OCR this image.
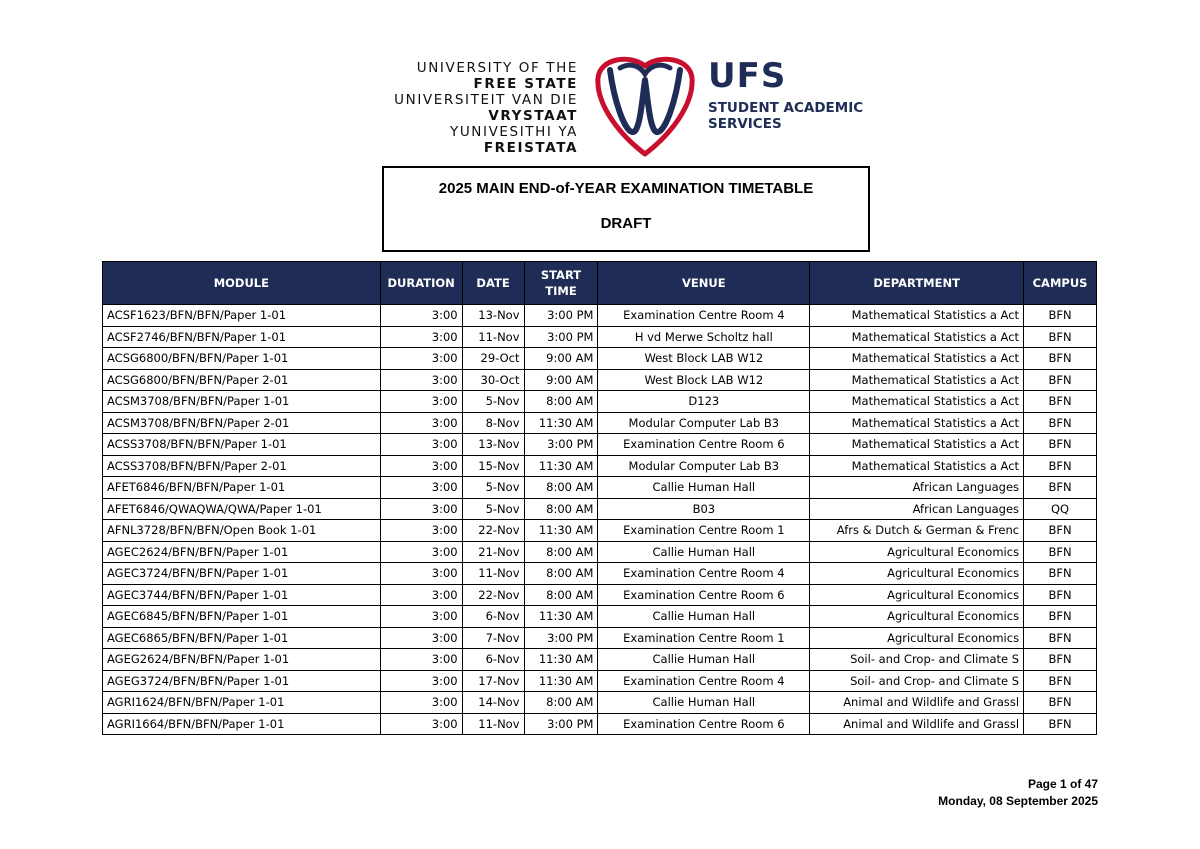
UNIVERSITY OF THE
FREE STATE
UNIVERSITEIT VAN DIE
VRYSTAAT
YUNIVESITHI YA
FREISTATA
UFS
STUDENT ACADEMIC
SERVICES
2025 MAIN END-of-YEAR EXAMINATION TIMETABLE
DRAFT
MODULE	DURATION	DATE	START TIME	VENUE	DEPARTMENT	CAMPUS
ACSF1623/BFN/BFN/Paper 1-01	3:00	13-Nov	3:00 PM	Examination Centre Room 4	Mathematical Statistics a Act	BFN
ACSF2746/BFN/BFN/Paper 1-01	3:00	11-Nov	3:00 PM	H vd Merwe Scholtz hall	Mathematical Statistics a Act	BFN
ACSG6800/BFN/BFN/Paper 1-01	3:00	29-Oct	9:00 AM	West Block LAB W12	Mathematical Statistics a Act	BFN
ACSG6800/BFN/BFN/Paper 2-01	3:00	30-Oct	9:00 AM	West Block LAB W12	Mathematical Statistics a Act	BFN
ACSM3708/BFN/BFN/Paper 1-01	3:00	5-Nov	8:00 AM	D123	Mathematical Statistics a Act	BFN
ACSM3708/BFN/BFN/Paper 2-01	3:00	8-Nov	11:30 AM	Modular Computer Lab B3	Mathematical Statistics a Act	BFN
ACSS3708/BFN/BFN/Paper 1-01	3:00	13-Nov	3:00 PM	Examination Centre Room 6	Mathematical Statistics a Act	BFN
ACSS3708/BFN/BFN/Paper 2-01	3:00	15-Nov	11:30 AM	Modular Computer Lab B3	Mathematical Statistics a Act	BFN
AFET6846/BFN/BFN/Paper 1-01	3:00	5-Nov	8:00 AM	Callie Human Hall	African Languages	BFN
AFET6846/QWAQWA/QWA/Paper 1-01	3:00	5-Nov	8:00 AM	B03	African Languages	QQ
AFNL3728/BFN/BFN/Open Book 1-01	3:00	22-Nov	11:30 AM	Examination Centre Room 1	Afrs & Dutch & German & Frenc	BFN
AGEC2624/BFN/BFN/Paper 1-01	3:00	21-Nov	8:00 AM	Callie Human Hall	Agricultural Economics	BFN
AGEC3724/BFN/BFN/Paper 1-01	3:00	11-Nov	8:00 AM	Examination Centre Room 4	Agricultural Economics	BFN
AGEC3744/BFN/BFN/Paper 1-01	3:00	22-Nov	8:00 AM	Examination Centre Room 6	Agricultural Economics	BFN
AGEC6845/BFN/BFN/Paper 1-01	3:00	6-Nov	11:30 AM	Callie Human Hall	Agricultural Economics	BFN
AGEC6865/BFN/BFN/Paper 1-01	3:00	7-Nov	3:00 PM	Examination Centre Room 1	Agricultural Economics	BFN
AGEG2624/BFN/BFN/Paper 1-01	3:00	6-Nov	11:30 AM	Callie Human Hall	Soil- and Crop- and Climate S	BFN
AGEG3724/BFN/BFN/Paper 1-01	3:00	17-Nov	11:30 AM	Examination Centre Room 4	Soil- and Crop- and Climate S	BFN
AGRI1624/BFN/BFN/Paper 1-01	3:00	14-Nov	8:00 AM	Callie Human Hall	Animal and Wildlife and Grassl	BFN
AGRI1664/BFN/BFN/Paper 1-01	3:00	11-Nov	3:00 PM	Examination Centre Room 6	Animal and Wildlife and Grassl	BFN
Page 1 of 47
Monday, 08 September 2025
